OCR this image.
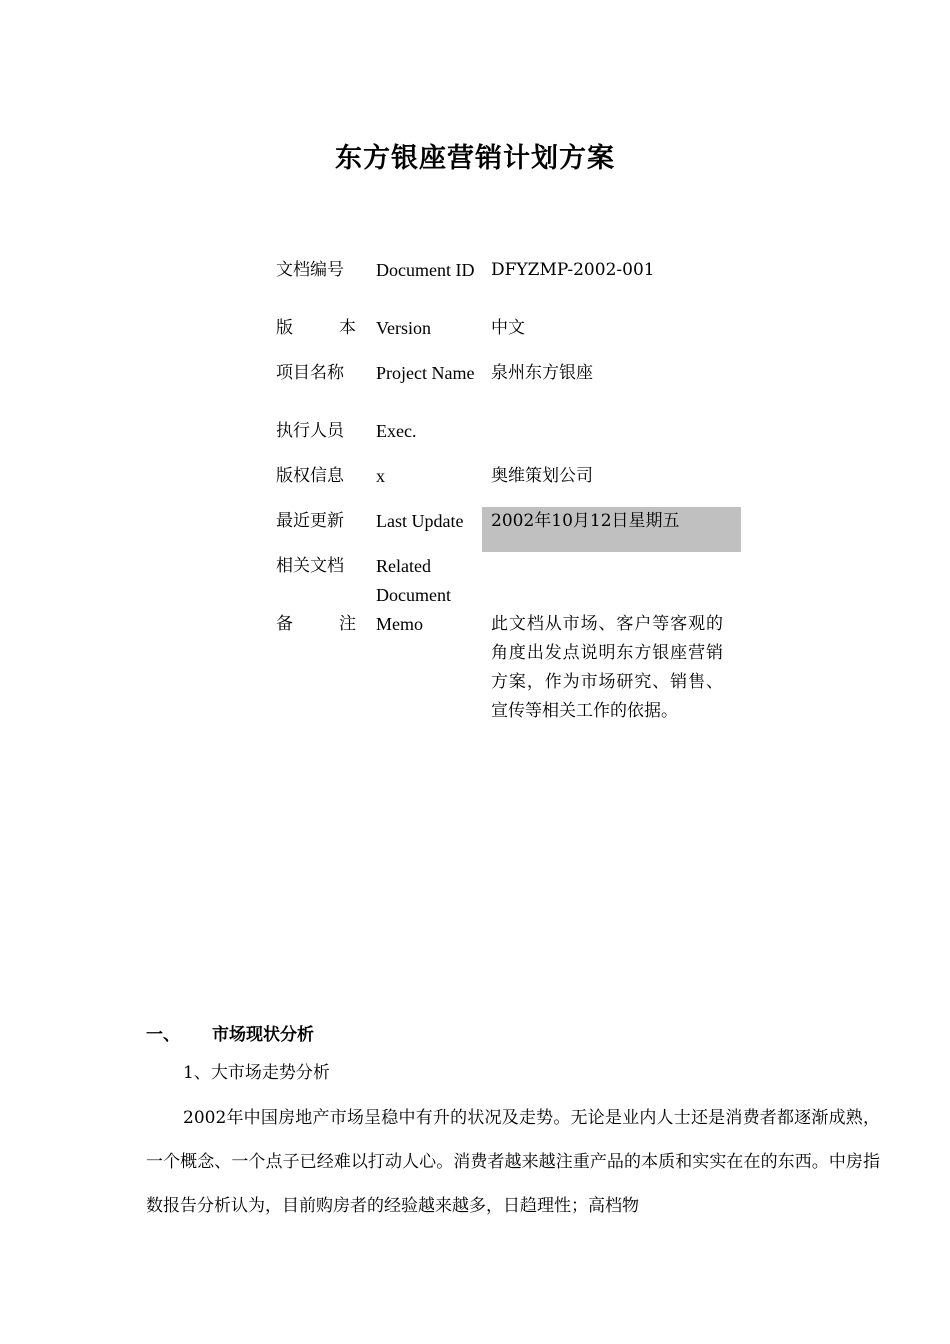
东方银座营销计划方案
文档编号	Document ID DFYZMP-2002-001
版　　本 Version	中文
项目名称	Project Name 泉州东方银座
执行人员	Exec.
版权信息	x	奥维策划公司
最近更新	Last Update	2002年10月12日星期五
相关文档	Related Document
备　　注 Memo	此文档从市场、客户等客观的角度出发点说明东方银座营销方案，作为市场研究、销售、宣传等相关工作的依据。
一、 市场现状分析
1、大市场走势分析
2002年中国房地产市场呈稳中有升的状况及走势。无论是业内人士还是消费者都逐渐成熟，一个概念、一个点子已经难以打动人心。消费者越来越注重产品的本质和实实在在的东西。中房指数报告分析认为，目前购房者的经验越来越多，日趋理性；高档物
